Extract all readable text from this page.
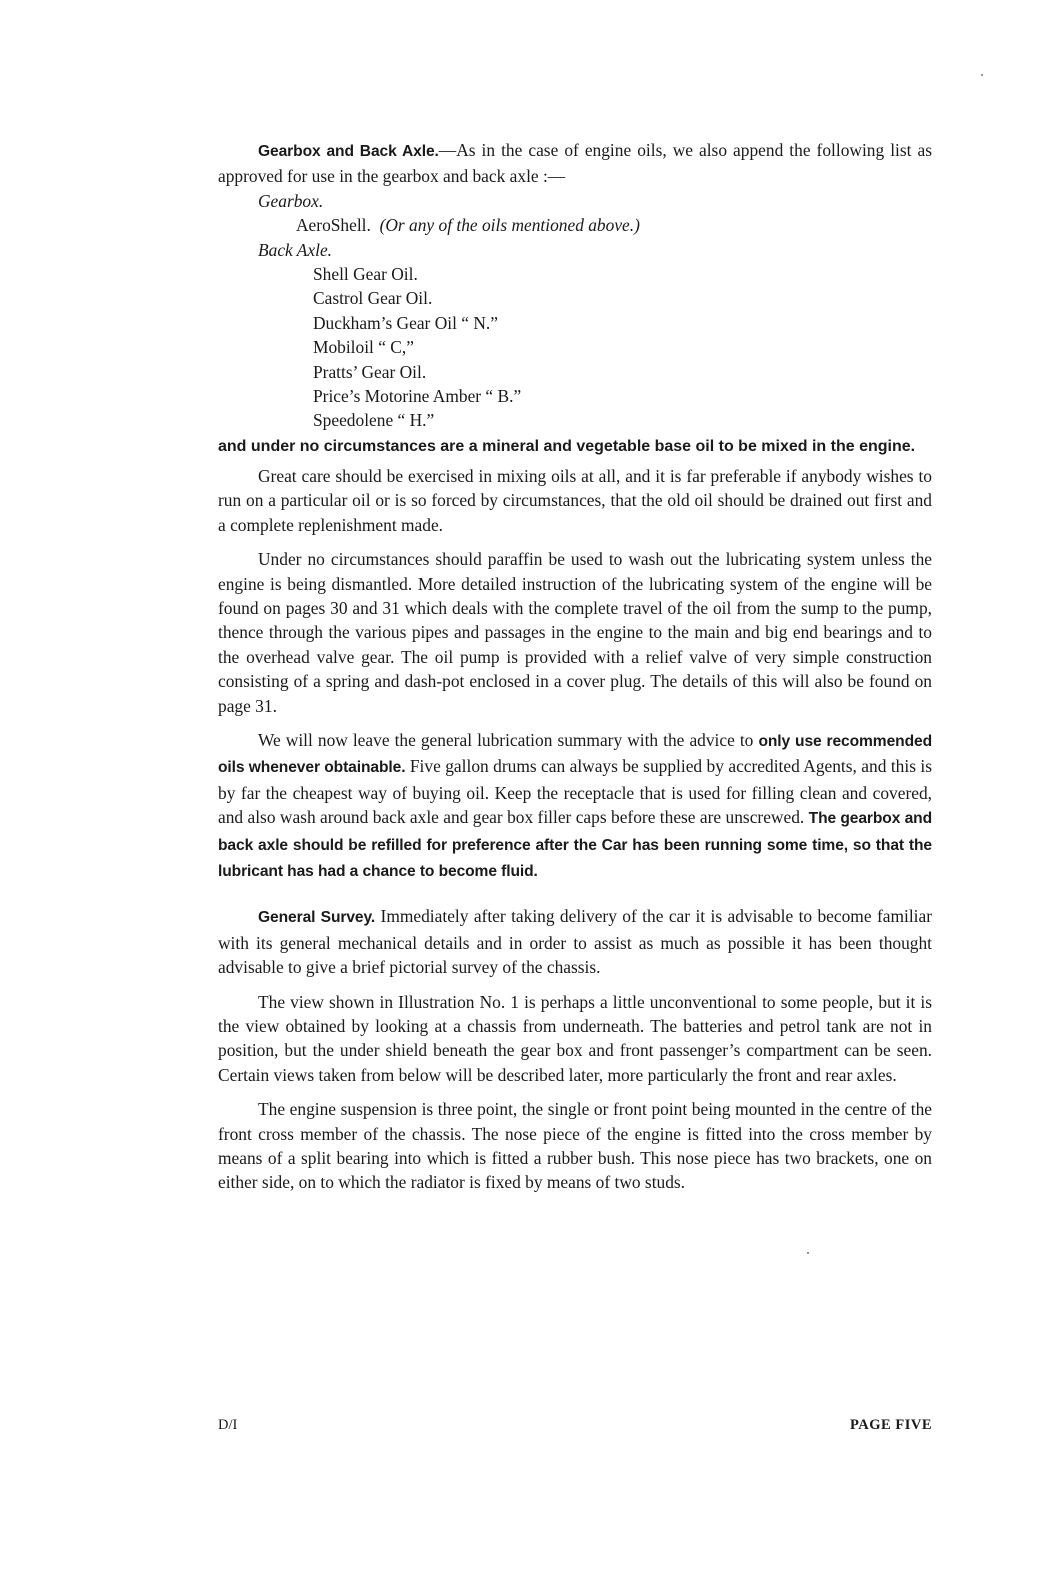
Gearbox and Back Axle.—As in the case of engine oils, we also append the following list as approved for use in the gearbox and back axle :—

Gearbox.

AeroShell. (Or any of the oils mentioned above.)

Back Axle.

Shell Gear Oil.

Castrol Gear Oil.

Duckham’s Gear Oil “ N.”

Mobiloil “ C,”

Pratts’ Gear Oil.

Price’s Motorine Amber “ B.”

Speedolene “ H.”

and under no circumstances are a mineral and vegetable base oil to be mixed in the engine.

Great care should be exercised in mixing oils at all, and it is far preferable if anybody wishes to run on a particular oil or is so forced by circumstances, that the old oil should be drained out first and a complete replenishment made.

Under no circumstances should paraffin be used to wash out the lubricating system unless the engine is being dismantled. More detailed instruction of the lubricating system of the engine will be found on pages 30 and 31 which deals with the complete travel of the oil from the sump to the pump, thence through the various pipes and passages in the engine to the main and big end bearings and to the overhead valve gear. The oil pump is provided with a relief valve of very simple construction consisting of a spring and dash-pot enclosed in a cover plug. The details of this will also be found on page 31.

We will now leave the general lubrication summary with the advice to only use recommended oils whenever obtainable. Five gallon drums can always be supplied by accredited Agents, and this is by far the cheapest way of buying oil. Keep the receptacle that is used for filling clean and covered, and also wash around back axle and gear box filler caps before these are unscrewed. The gearbox and back axle should be refilled for preference after the Car has been running some time, so that the lubricant has had a chance to become fluid.

General Survey. Immediately after taking delivery of the car it is advisable to become familiar with its general mechanical details and in order to assist as much as possible it has been thought advisable to give a brief pictorial survey of the chassis.

The view shown in Illustration No. 1 is perhaps a little unconventional to some people, but it is the view obtained by looking at a chassis from underneath. The batteries and petrol tank are not in position, but the under shield beneath the gear box and front passenger’s compartment can be seen. Certain views taken from below will be described later, more particularly the front and rear axles.

The engine suspension is three point, the single or front point being mounted in the centre of the front cross member of the chassis. The nose piece of the engine is fitted into the cross member by means of a split bearing into which is fitted a rubber bush. This nose piece has two brackets, one on either side, on to which the radiator is fixed by means of two studs.

D/I	PAGE FIVE
